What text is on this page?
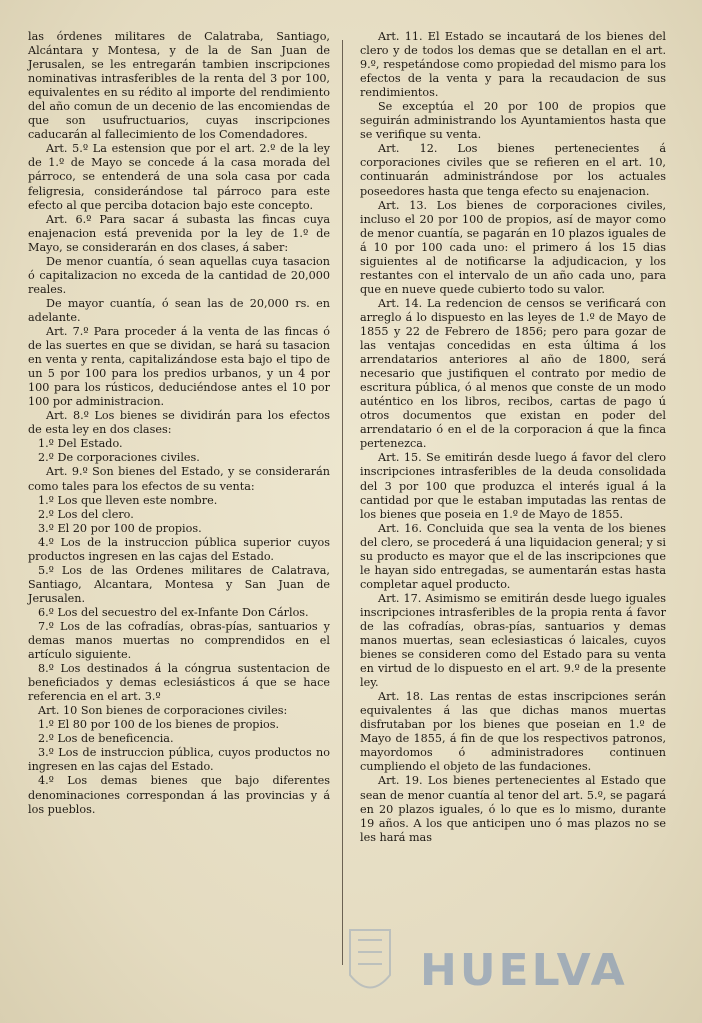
las órdenes militares de Calatraba, Santiago, Alcántara y Montesa, y de la de San Juan de Jerusalen, se les entregarán tambien inscripciones nominativas intrasferibles de la renta del 3 por 100, equivalentes en su rédito al importe del rendimiento del año comun de un decenio de las encomiendas de que son usufructuarios, cuyas inscripciones caducarán al fallecimiento de los Comendadores.

Art. 5.º La estension que por el art. 2.º de la ley de 1.º de Mayo se concede á la casa morada del párroco, se entenderá de una sola casa por cada feligresia, considerándose tal párroco para este efecto al que perciba dotacion bajo este concepto.

Art. 6.º Para sacar á subasta las fincas cuya enajenacion está prevenida por la ley de 1.º de Mayo, se considerarán en dos clases, á saber:

De menor cuantía, ó sean aquellas cuya tasacion ó capitalizacion no exceda de la cantidad de 20,000 reales.

De mayor cuantía, ó sean las de 20,000 rs. en adelante.

Art. 7.º Para proceder á la venta de las fincas ó de las suertes en que se dividan, se hará su tasacion en venta y renta, capitalizándose esta bajo el tipo de un 5 por 100 para los predios urbanos, y un 4 por 100 para los rústicos, deduciéndose antes el 10 por 100 por administracion.

Art. 8.º Los bienes se dividirán para los efectos de esta ley en dos clases:

1.º Del Estado.

2.º De corporaciones civiles.

Art. 9.º Son bienes del Estado, y se considerarán como tales para los efectos de su venta:

1.º Los que lleven este nombre.

2.º Los del clero.

3.º El 20 por 100 de propios.

4.º Los de la instruccion pública superior cuyos productos ingresen en las cajas del Estado.

5.º Los de las Ordenes militares de Calatrava, Santiago, Alcantara, Montesa y San Juan de Jerusalen.

6.º Los del secuestro del ex-Infante Don Cárlos.

7.º Los de las cofradías, obras-pías, santuarios y demas manos muertas no comprendidos en el artículo siguiente.

8.º Los destinados á la cóngrua sustentacion de beneficiados y demas eclesiásticos á que se hace referencia en el art. 3.º

Art. 10 Son bienes de corporaciones civiles:

1.º El 80 por 100 de los bienes de propios.

2.º Los de beneficencia.

3.º Los de instruccion pública, cuyos productos no ingresen en las cajas del Estado.

4.º Los demas bienes que bajo diferentes denominaciones correspondan á las provincias y á los pueblos.

Art. 11. El Estado se incautará de los bienes del clero y de todos los demas que se detallan en el art. 9.º, respetándose como propiedad del mismo para los efectos de la venta y para la recaudacion de sus rendimientos.

Se exceptúa el 20 por 100 de propios que seguirán administrando los Ayuntamientos hasta que se verifique su venta.

Art. 12. Los bienes pertenecientes á corporaciones civiles que se refieren en el art. 10, continuarán administrándose por los actuales poseedores hasta que tenga efecto su enajenacion.

Art. 13. Los bienes de corporaciones civiles, incluso el 20 por 100 de propios, así de mayor como de menor cuantía, se pagarán en 10 plazos iguales de á 10 por 100 cada uno: el primero á los 15 dias siguientes al de notificarse la adjudicacion, y los restantes con el intervalo de un año cada uno, para que en nueve quede cubierto todo su valor.

Art. 14. La redencion de censos se verificará con arreglo á lo dispuesto en las leyes de 1.º de Mayo de 1855 y 22 de Febrero de 1856; pero para gozar de las ventajas concedidas en esta última á los arrendatarios anteriores al año de 1800, será necesario que justifiquen el contrato por medio de escritura pública, ó al menos que conste de un modo auténtico en los libros, recibos, cartas de pago ú otros documentos que existan en poder del arrendatario ó en el de la corporacion á que la finca pertenezca.

Art. 15. Se emitirán desde luego á favor del clero inscripciones intrasferibles de la deuda consolidada del 3 por 100 que produzca el interés igual á la cantidad por que le estaban imputadas las rentas de los bienes que poseia en 1.º de Mayo de 1855.

Art. 16. Concluida que sea la venta de los bienes del clero, se procederá á una liquidacion general; y si su producto es mayor que el de las inscripciones que le hayan sido entregadas, se aumentarán estas hasta completar aquel producto.

Art. 17. Asimismo se emitirán desde luego iguales inscripciones intrasferibles de la propia renta á favor de las cofradías, obras-pías, santuarios y demas manos muertas, sean eclesiasticas ó laicales, cuyos bienes se consideren como del Estado para su venta en virtud de lo dispuesto en el art. 9.º de la presente ley.

Art. 18. Las rentas de estas inscripciones serán equivalentes á las que dichas manos muertas disfrutaban por los bienes que poseian en 1.º de Mayo de 1855, á fin de que los respectivos patronos, mayordomos ó administradores continuen cumpliendo el objeto de las fundaciones.

Art. 19. Los bienes pertenecientes al Estado que sean de menor cuantía al tenor del art. 5.º, se pagará en 20 plazos iguales, ó lo que es lo mismo, durante 19 años. A los que anticipen uno ó mas plazos no se les hará mas

HUELVA
